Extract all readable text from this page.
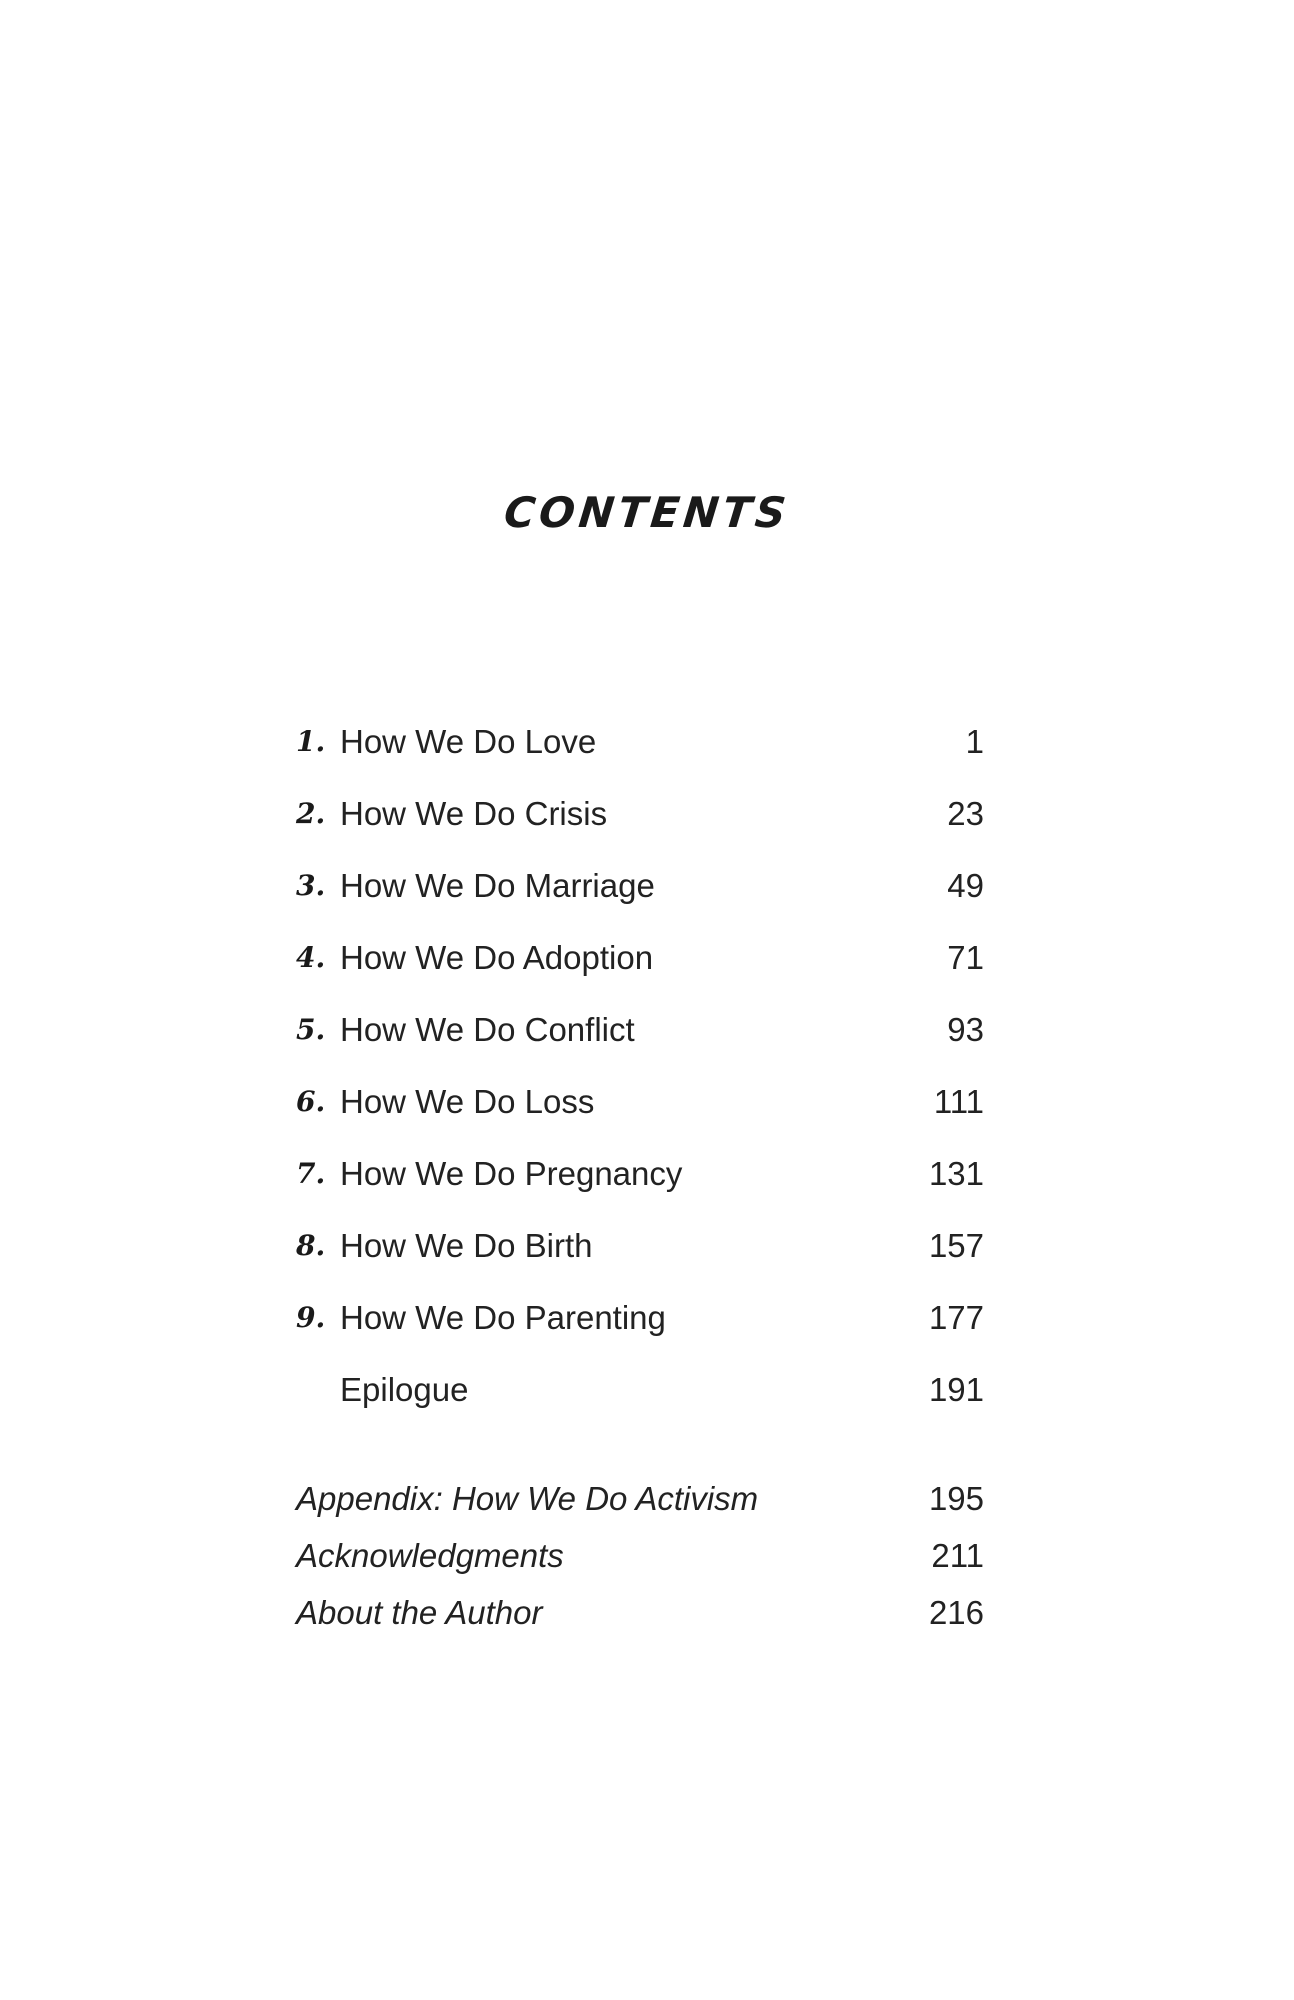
CONTENTS
1. How We Do Love	1
2. How We Do Crisis	23
3. How We Do Marriage	49
4. How We Do Adoption	71
5. How We Do Conflict	93
6. How We Do Loss	111
7. How We Do Pregnancy	131
8. How We Do Birth	157
9. How We Do Parenting	177
Epilogue	191
Appendix: How We Do Activism	195
Acknowledgments	211
About the Author	216
